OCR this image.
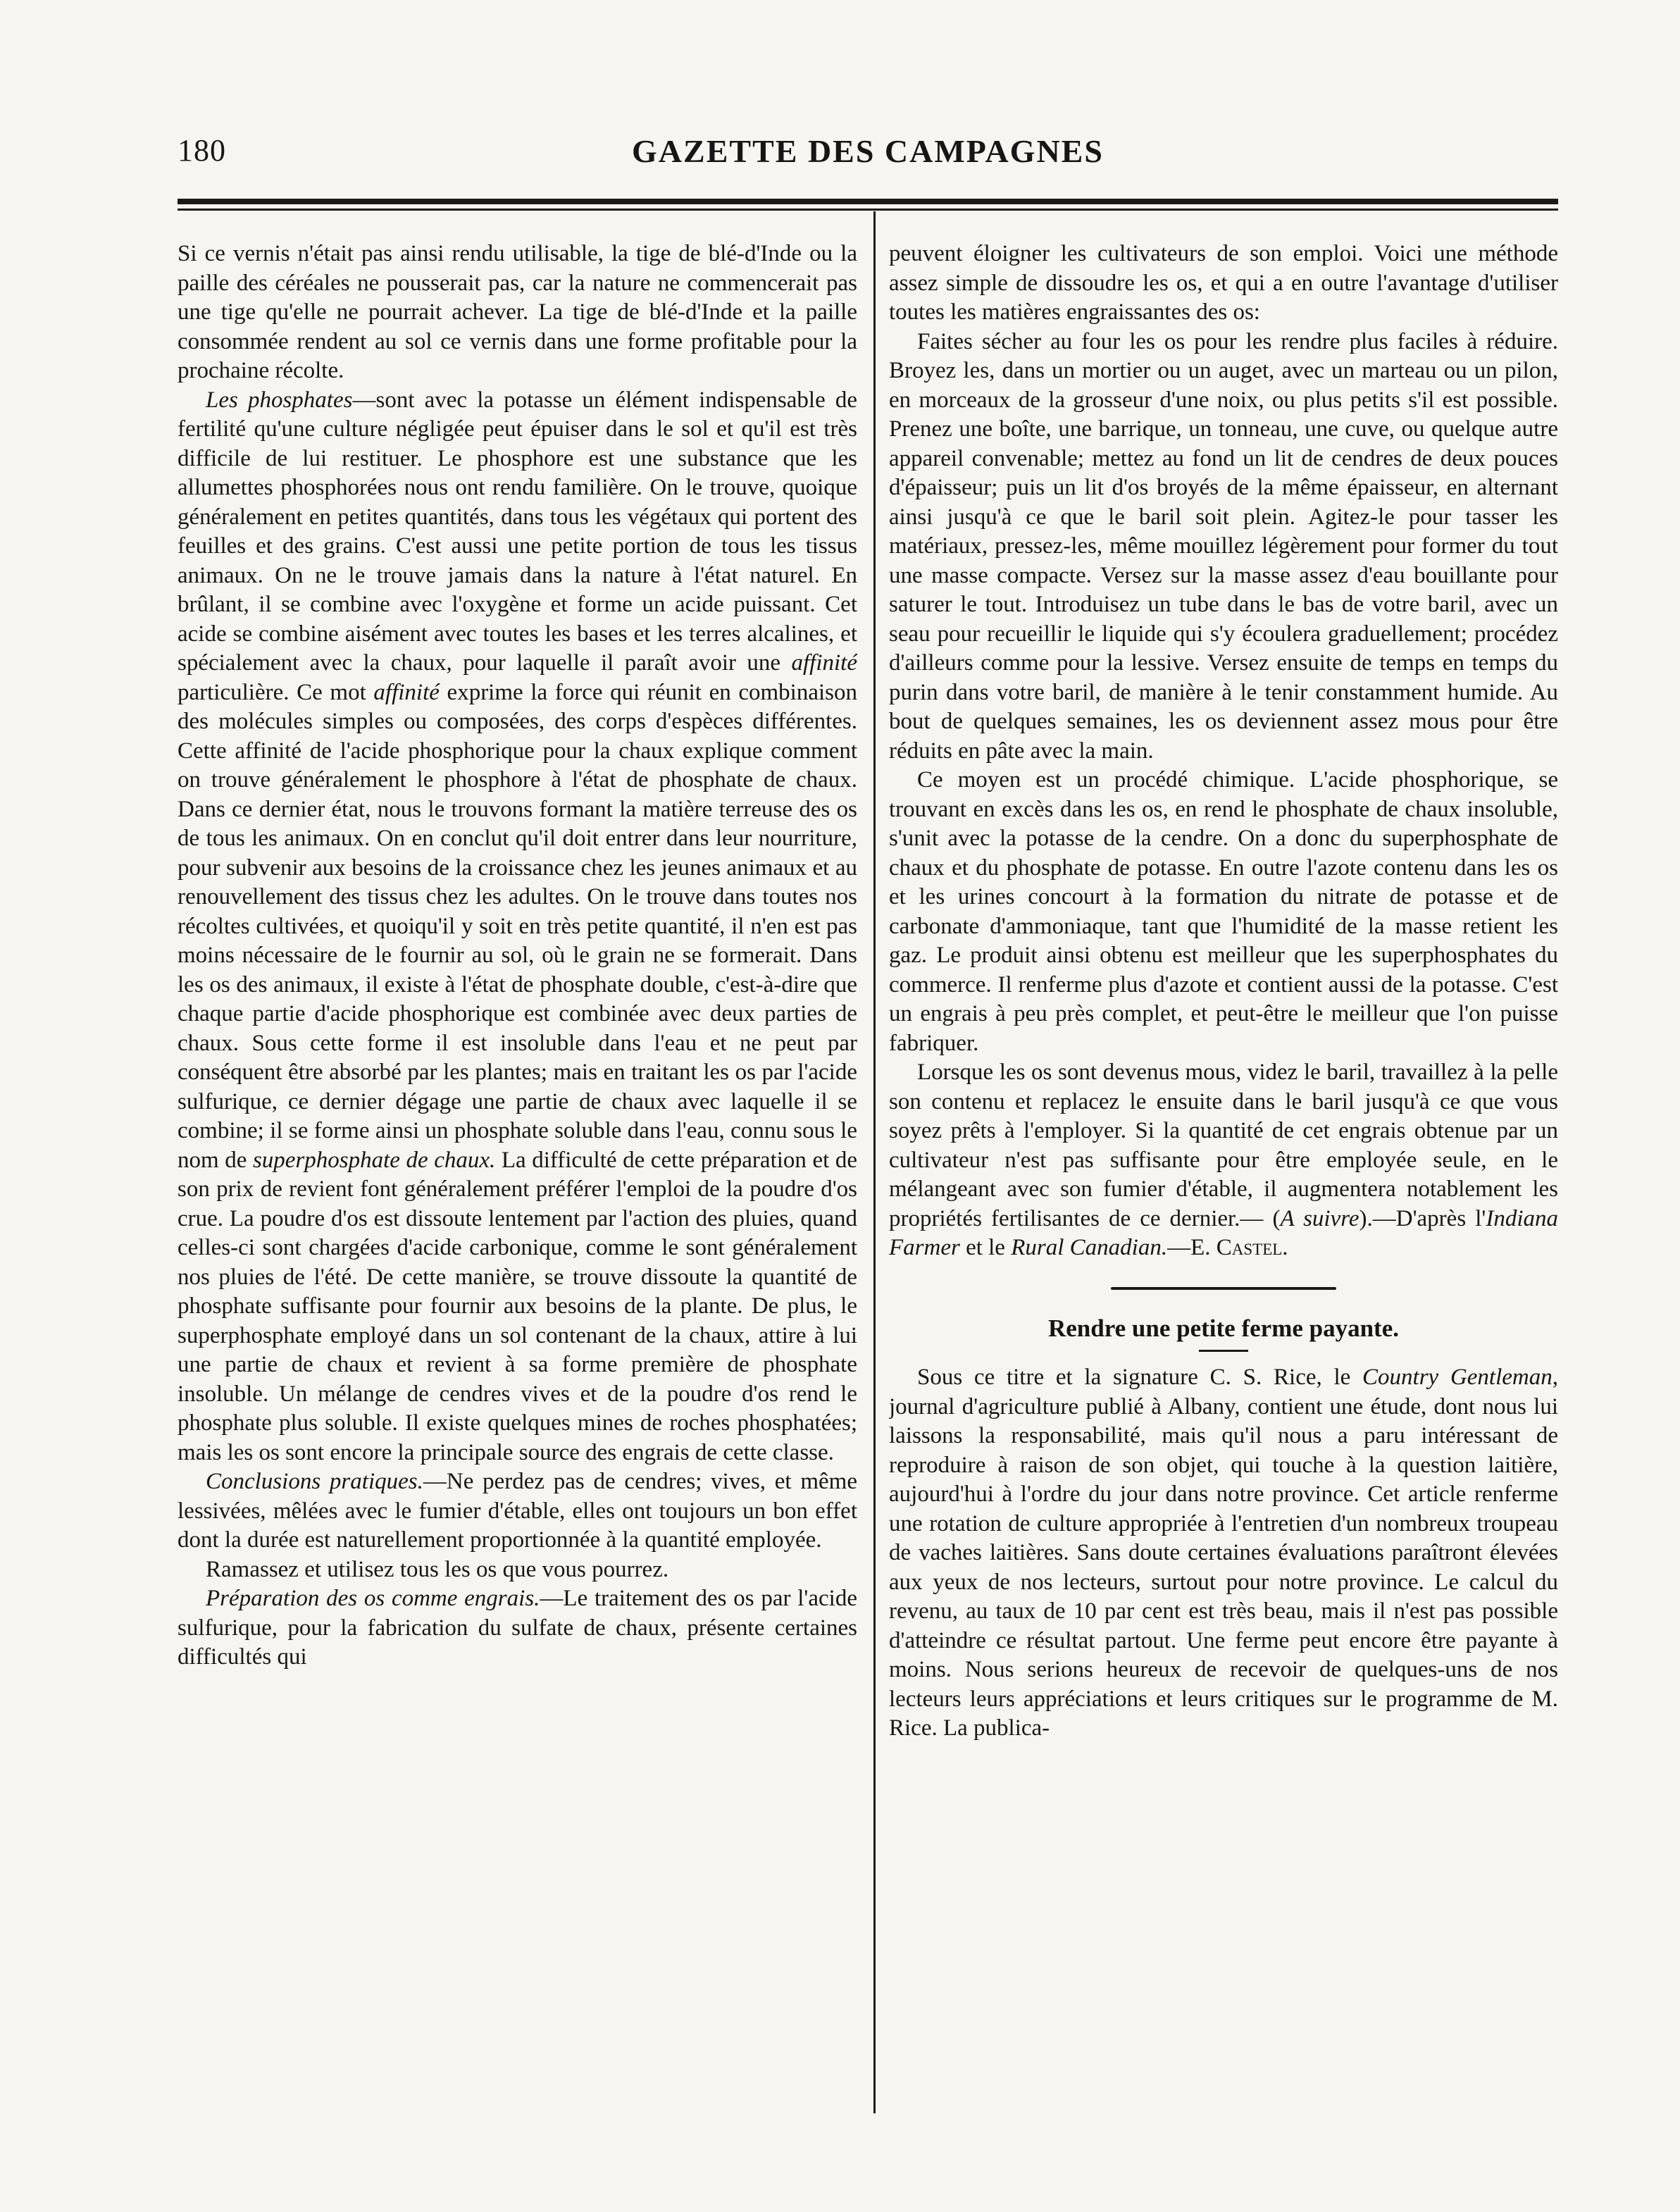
180	GAZETTE DES CAMPAGNES

Si ce vernis n'était pas ainsi rendu utilisable, la tige de blé-d'Inde ou la paille des céréales ne pousserait pas, car la nature ne commencerait pas une tige qu'elle ne pourrait achever. La tige de blé-d'Inde et la paille consommée rendent au sol ce vernis dans une forme profitable pour la prochaine récolte.

Les phosphates—sont avec la potasse un élément indispensable de fertilité qu'une culture négligée peut épuiser dans le sol et qu'il est très difficile de lui restituer. Le phosphore est une substance que les allumettes phosphorées nous ont rendu familière. On le trouve, quoique généralement en petites quantités, dans tous les végétaux qui portent des feuilles et des grains. C'est aussi une petite portion de tous les tissus animaux. On ne le trouve jamais dans la nature à l'état naturel. En brûlant, il se combine avec l'oxygène et forme un acide puissant. Cet acide se combine aisément avec toutes les bases et les terres alcalines, et spécialement avec la chaux, pour laquelle il paraît avoir une affinité particulière. Ce mot affinité exprime la force qui réunit en combinaison des molécules simples ou composées, des corps d'espèces différentes. Cette affinité de l'acide phosphorique pour la chaux explique comment on trouve généralement le phosphore à l'état de phosphate de chaux. Dans ce dernier état, nous le trouvons formant la matière terreuse des os de tous les animaux. On en conclut qu'il doit entrer dans leur nourriture, pour subvenir aux besoins de la croissance chez les jeunes animaux et au renouvellement des tissus chez les adultes. On le trouve dans toutes nos récoltes cultivées, et quoiqu'il y soit en très petite quantité, il n'en est pas moins nécessaire de le fournir au sol, où le grain ne se formerait. Dans les os des animaux, il existe à l'état de phosphate double, c'est-à-dire que chaque partie d'acide phosphorique est combinée avec deux parties de chaux. Sous cette forme il est insoluble dans l'eau et ne peut par conséquent être absorbé par les plantes; mais en traitant les os par l'acide sulfurique, ce dernier dégage une partie de chaux avec laquelle il se combine; il se forme ainsi un phosphate soluble dans l'eau, connu sous le nom de superphosphate de chaux. La difficulté de cette préparation et de son prix de revient font généralement préférer l'emploi de la poudre d'os crue. La poudre d'os est dissoute lentement par l'action des pluies, quand celles-ci sont chargées d'acide carbonique, comme le sont généralement nos pluies de l'été. De cette manière, se trouve dissoute la quantité de phosphate suffisante pour fournir aux besoins de la plante. De plus, le superphosphate employé dans un sol contenant de la chaux, attire à lui une partie de chaux et revient à sa forme première de phosphate insoluble. Un mélange de cendres vives et de la poudre d'os rend le phosphate plus soluble. Il existe quelques mines de roches phosphatées; mais les os sont encore la principale source des engrais de cette classe.

Conclusions pratiques.—Ne perdez pas de cendres; vives, et même lessivées, mêlées avec le fumier d'étable, elles ont toujours un bon effet dont la durée est naturellement proportionnée à la quantité employée.

Ramassez et utilisez tous les os que vous pourrez.

Préparation des os comme engrais.—Le traitement des os par l'acide sulfurique, pour la fabrication du sulfate de chaux, présente certaines difficultés qui

peuvent éloigner les cultivateurs de son emploi. Voici une méthode assez simple de dissoudre les os, et qui a en outre l'avantage d'utiliser toutes les matières engraissantes des os:

Faites sécher au four les os pour les rendre plus faciles à réduire. Broyez les, dans un mortier ou un auget, avec un marteau ou un pilon, en morceaux de la grosseur d'une noix, ou plus petits s'il est possible. Prenez une boîte, une barrique, un tonneau, une cuve, ou quelque autre appareil convenable; mettez au fond un lit de cendres de deux pouces d'épaisseur; puis un lit d'os broyés de la même épaisseur, en alternant ainsi jusqu'à ce que le baril soit plein. Agitez-le pour tasser les matériaux, pressez-les, même mouillez légèrement pour former du tout une masse compacte. Versez sur la masse assez d'eau bouillante pour saturer le tout. Introduisez un tube dans le bas de votre baril, avec un seau pour recueillir le liquide qui s'y écoulera graduellement; procédez d'ailleurs comme pour la lessive. Versez ensuite de temps en temps du purin dans votre baril, de manière à le tenir constamment humide. Au bout de quelques semaines, les os deviennent assez mous pour être réduits en pâte avec la main.

Ce moyen est un procédé chimique. L'acide phosphorique, se trouvant en excès dans les os, en rend le phosphate de chaux insoluble, s'unit avec la potasse de la cendre. On a donc du superphosphate de chaux et du phosphate de potasse. En outre l'azote contenu dans les os et les urines concourt à la formation du nitrate de potasse et de carbonate d'ammoniaque, tant que l'humidité de la masse retient les gaz. Le produit ainsi obtenu est meilleur que les superphosphates du commerce. Il renferme plus d'azote et contient aussi de la potasse. C'est un engrais à peu près complet, et peut-être le meilleur que l'on puisse fabriquer.

Lorsque les os sont devenus mous, videz le baril, travaillez à la pelle son contenu et replacez le ensuite dans le baril jusqu'à ce que vous soyez prêts à l'employer. Si la quantité de cet engrais obtenue par un cultivateur n'est pas suffisante pour être employée seule, en le mélangeant avec son fumier d'étable, il augmentera notablement les propriétés fertilisantes de ce dernier.— (A suivre).—D'après l'Indiana Farmer et le Rural Canadian.—E. Castel.

Rendre une petite ferme payante.

Sous ce titre et la signature C. S. Rice, le Country Gentleman, journal d'agriculture publié à Albany, contient une étude, dont nous lui laissons la responsabilité, mais qu'il nous a paru intéressant de reproduire à raison de son objet, qui touche à la question laitière, aujourd'hui à l'ordre du jour dans notre province. Cet article renferme une rotation de culture appropriée à l'entretien d'un nombreux troupeau de vaches laitières. Sans doute certaines évaluations paraîtront élevées aux yeux de nos lecteurs, surtout pour notre province. Le calcul du revenu, au taux de 10 par cent est très beau, mais il n'est pas possible d'atteindre ce résultat partout. Une ferme peut encore être payante à moins. Nous serions heureux de recevoir de quelques-uns de nos lecteurs leurs appréciations et leurs critiques sur le programme de M. Rice. La publica-
